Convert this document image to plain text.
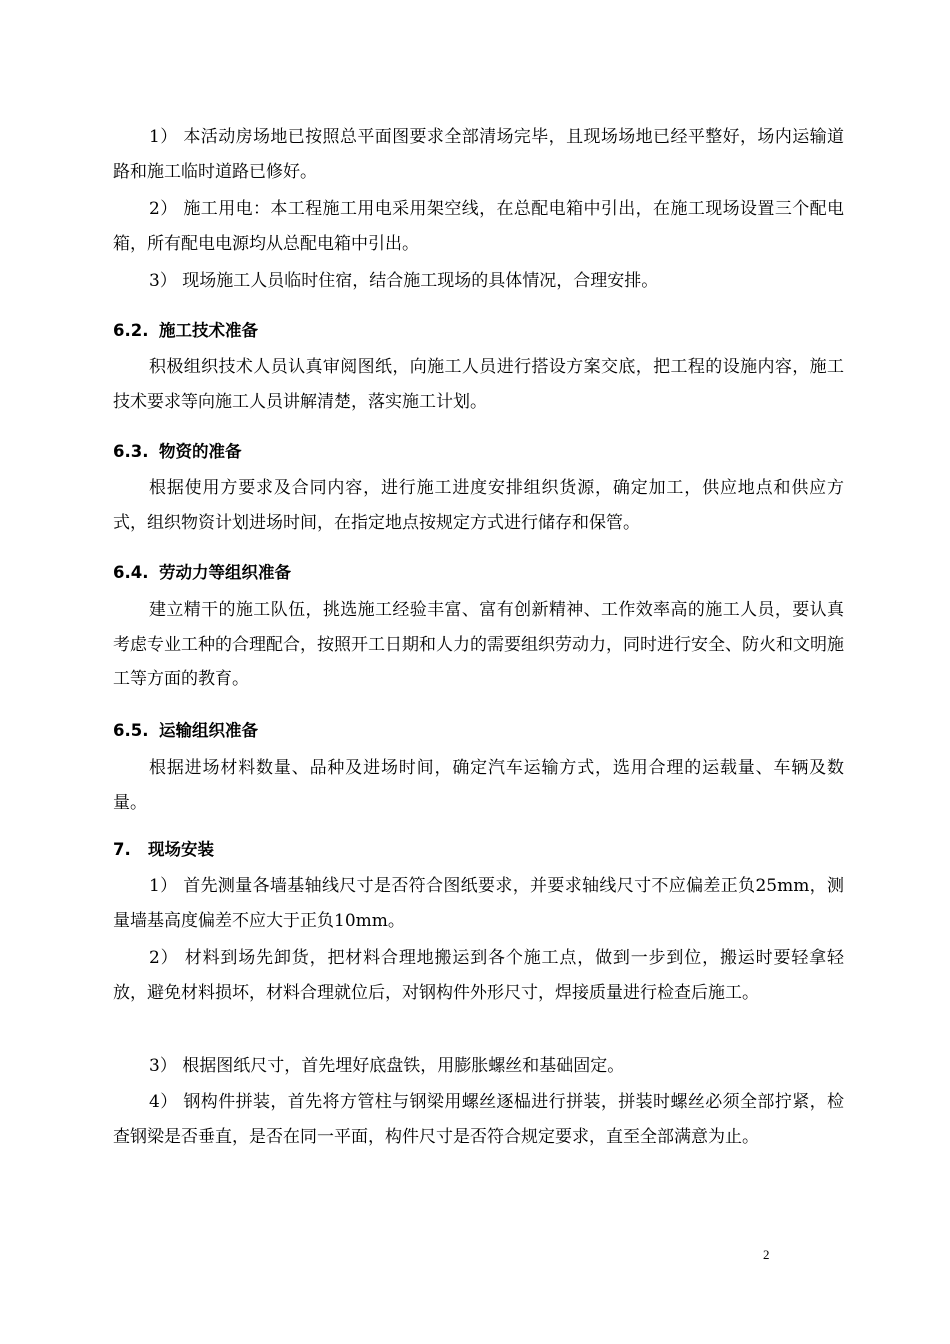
1） 本活动房场地已按照总平面图要求全部清场完毕，且现场场地已经平整好，场内运输道路和施工临时道路已修好。

2） 施工用电：本工程施工用电采用架空线，在总配电箱中引出，在施工现场设置三个配电箱，所有配电电源均从总配电箱中引出。

3） 现场施工人员临时住宿，结合施工现场的具体情况，合理安排。

6.2. 施工技术准备

积极组织技术人员认真审阅图纸，向施工人员进行搭设方案交底，把工程的设施内容，施工技术要求等向施工人员讲解清楚，落实施工计划。

6.3. 物资的准备

根据使用方要求及合同内容，进行施工进度安排组织货源，确定加工，供应地点和供应方式，组织物资计划进场时间，在指定地点按规定方式进行储存和保管。

6.4. 劳动力等组织准备

建立精干的施工队伍，挑选施工经验丰富、富有创新精神、工作效率高的施工人员，要认真考虑专业工种的合理配合，按照开工日期和人力的需要组织劳动力，同时进行安全、防火和文明施工等方面的教育。

6.5. 运输组织准备

根据进场材料数量、品种及进场时间，确定汽车运输方式，选用合理的运载量、车辆及数量。

7. 现场安装

1） 首先测量各墙基轴线尺寸是否符合图纸要求，并要求轴线尺寸不应偏差正负25mm，测量墙基高度偏差不应大于正负10mm。

2） 材料到场先卸货，把材料合理地搬运到各个施工点，做到一步到位，搬运时要轻拿轻放，避免材料损坏，材料合理就位后，对钢构件外形尺寸，焊接质量进行检查后施工。

3） 根据图纸尺寸，首先埋好底盘铁，用膨胀螺丝和基础固定。

4） 钢构件拼装，首先将方管柱与钢梁用螺丝逐榀进行拼装，拼装时螺丝必须全部拧紧，检查钢梁是否垂直，是否在同一平面，构件尺寸是否符合规定要求，直至全部满意为止。

2
